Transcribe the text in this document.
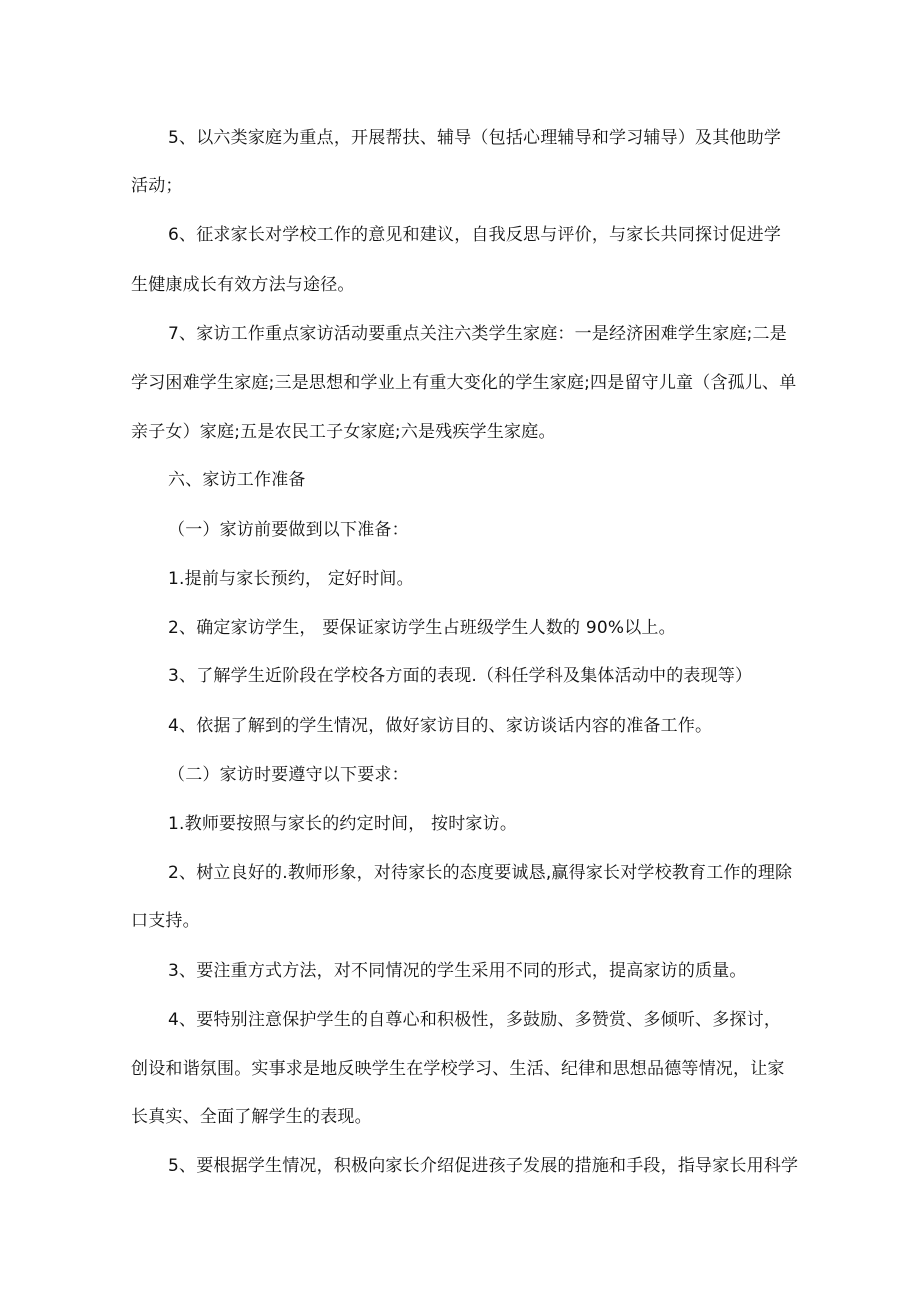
5、以六类家庭为重点，开展帮扶、辅导（包括心理辅导和学习辅导）及其他助学
活动；
6、征求家长对学校工作的意见和建议，自我反思与评价，与家长共同探讨促进学
生健康成长有效方法与途径。
7、家访工作重点家访活动要重点关注六类学生家庭：一是经济困难学生家庭;二是
学习困难学生家庭;三是思想和学业上有重大变化的学生家庭;四是留守儿童（含孤儿、单
亲子女）家庭;五是农民工子女家庭;六是残疾学生家庭。
六、家访工作准备
（一）家访前要做到以下准备：
1.提前与家长预约， 定好时间。
2、确定家访学生， 要保证家访学生占班级学生人数的 90%以上。
3、了解学生近阶段在学校各方面的表现.（科任学科及集体活动中的表现等）
4、依据了解到的学生情况，做好家访目的、家访谈话内容的准备工作。
（二）家访时要遵守以下要求：
1.教师要按照与家长的约定时间， 按时家访。
2、树立良好的.教师形象，对待家长的态度要诚恳,赢得家长对学校教育工作的理除
口支持。
3、要注重方式方法，对不同情况的学生采用不同的形式，提高家访的质量。
4、要特别注意保护学生的自尊心和积极性，多鼓励、多赞赏、多倾听、多探讨，
创设和谐氛围。实事求是地反映学生在学校学习、生活、纪律和思想品德等情况，让家
长真实、全面了解学生的表现。
5、要根据学生情况，积极向家长介绍促进孩子发展的措施和手段，指导家长用科学
